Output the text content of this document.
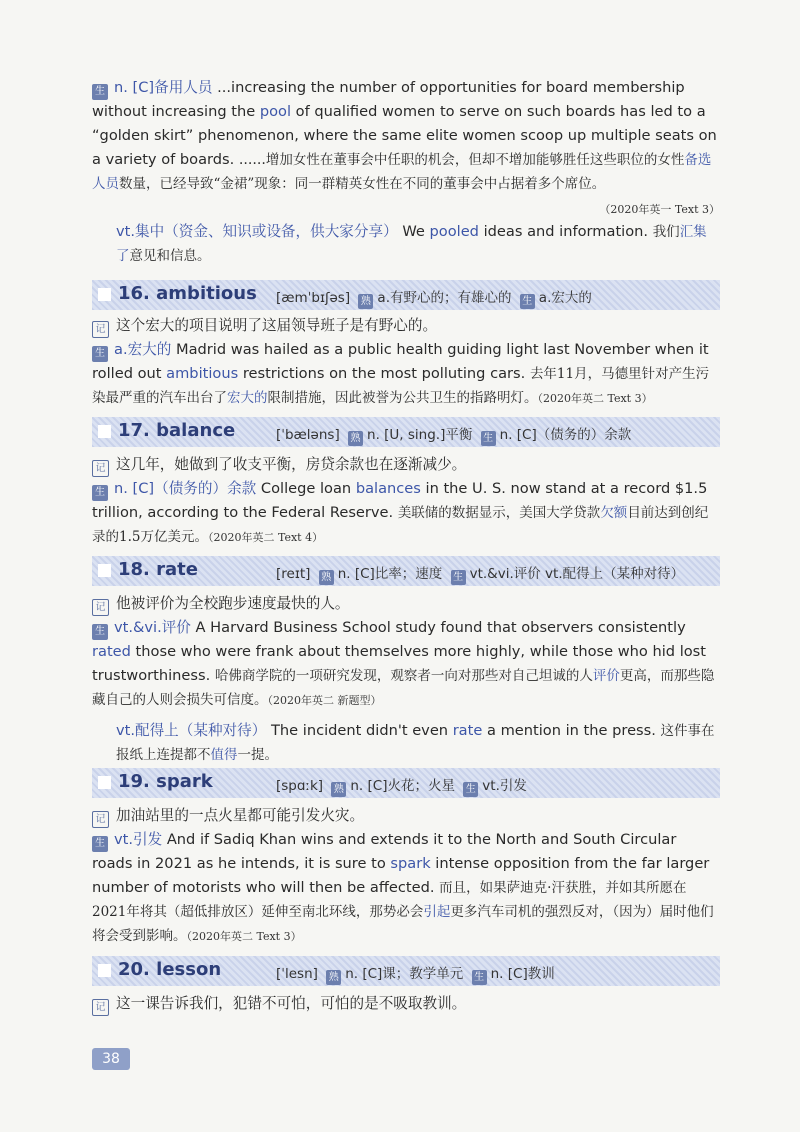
生 n. [C]备用人员 ...increasing the number of opportunities for board membership without increasing the pool of qualified women to serve on such boards has led to a “golden skirt” phenomenon, where the same elite women scoop up multiple seats on a variety of boards. ……增加女性在董事会中任职的机会，但却不增加能够胜任这些职位的女性备选人员数量，已经导致“金裙”现象：同一群精英女性在不同的董事会中占据着多个席位。

（2020年英一 Text 3）

vt.集中（资金、知识或设备，供大家分享） We pooled ideas and information. 我们汇集了意见和信息。

16. ambitious [æmˈbɪʃəs] 熟 a.有野心的；有雄心的 生 a.宏大的

记 这个宏大的项目说明了这届领导班子是有野心的。

生 a.宏大的 Madrid was hailed as a public health guiding light last November when it rolled out ambitious restrictions on the most polluting cars. 去年11月，马德里针对产生污染最严重的汽车出台了宏大的限制措施，因此被誉为公共卫生的指路明灯。（2020年英二 Text 3）

17. balance	[ˈbæləns] 熟 n. [U, sing.]平衡 生 n. [C]（债务的）余款

记 这几年，她做到了收支平衡，房贷余款也在逐渐减少。

生 n. [C]（债务的）余款 College loan balances in the U. S. now stand at a record $1.5 trillion, according to the Federal Reserve. 美联储的数据显示，美国大学贷款欠额目前达到创纪录的1.5万亿美元。（2020年英二 Text 4）

18. rate	[reɪt] 熟 n. [C]比率；速度 生 vt.&vi.评价 vt.配得上（某种对待）

记 他被评价为全校跑步速度最快的人。

生 vt.&vi.评价 A Harvard Business School study found that observers consistently rated those who were frank about themselves more highly, while those who hid lost trustworthiness. 哈佛商学院的一项研究发现，观察者一向对那些对自己坦诚的人评价更高，而那些隐藏自己的人则会损失可信度。（2020年英二 新题型）

vt.配得上（某种对待） The incident didn't even rate a mention in the press. 这件事在报纸上连提都不值得一提。

19. spark	[spɑːk] 熟 n. [C]火花；火星 生 vt.引发

记 加油站里的一点火星都可能引发火灾。

生 vt.引发 And if Sadiq Khan wins and extends it to the North and South Circular roads in 2021 as he intends, it is sure to spark intense opposition from the far larger number of motorists who will then be affected. 而且，如果萨迪克·汗获胜，并如其所愿在2021年将其（超低排放区）延伸至南北环线，那势必会引起更多汽车司机的强烈反对，（因为）届时他们将会受到影响。（2020年英二 Text 3）

20. lesson	[ˈlesn] 熟 n. [C]课；教学单元 生 n. [C]教训

记 这一课告诉我们，犯错不可怕，可怕的是不吸取教训。

38
